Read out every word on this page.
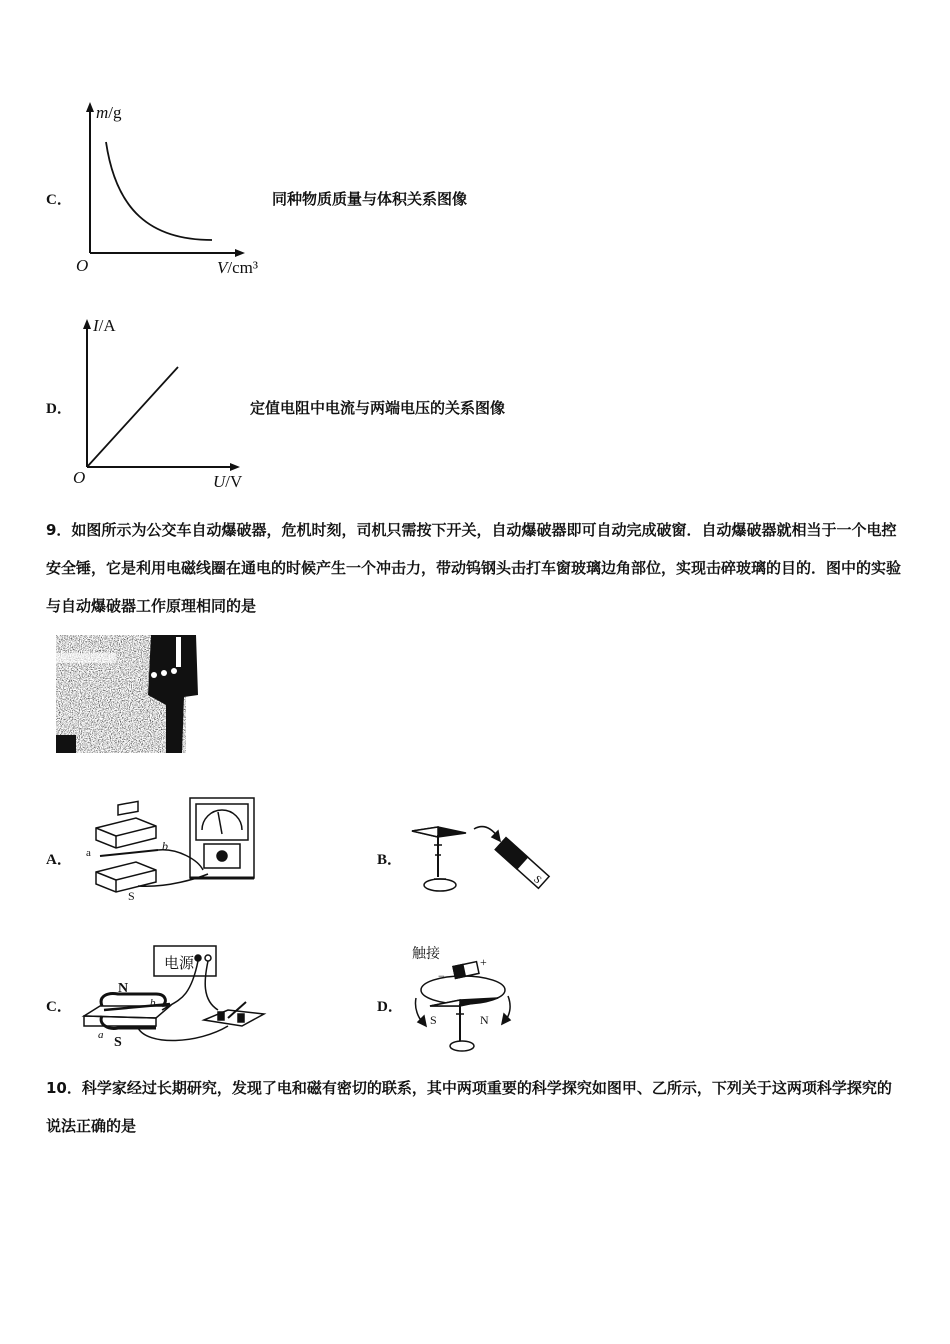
C．
m/g
O	V/cm³
同种物质质量与体积关系图像
D．
I/A
O	U/V
定值电阻中电流与两端电压的关系图像
9．如图所示为公交车自动爆破器，危机时刻，司机只需按下开关，自动爆破器即可自动完成破窗．自动爆破器就相当于一个电控安全锤，它是利用电磁线圈在通电的时候产生一个冲击力，带动钨钢头击打车窗玻璃边角部位，实现击碎玻璃的目的．图中的实验与自动爆破器工作原理相同的是
A． a	b
S
B．
S
C．
电源
N
S
a
b	D．
触接	+
−
S	N
10．科学家经过长期研究，发现了电和磁有密切的联系，其中两项重要的科学探究如图甲、乙所示，下列关于这两项科学探究的说法正确的是
